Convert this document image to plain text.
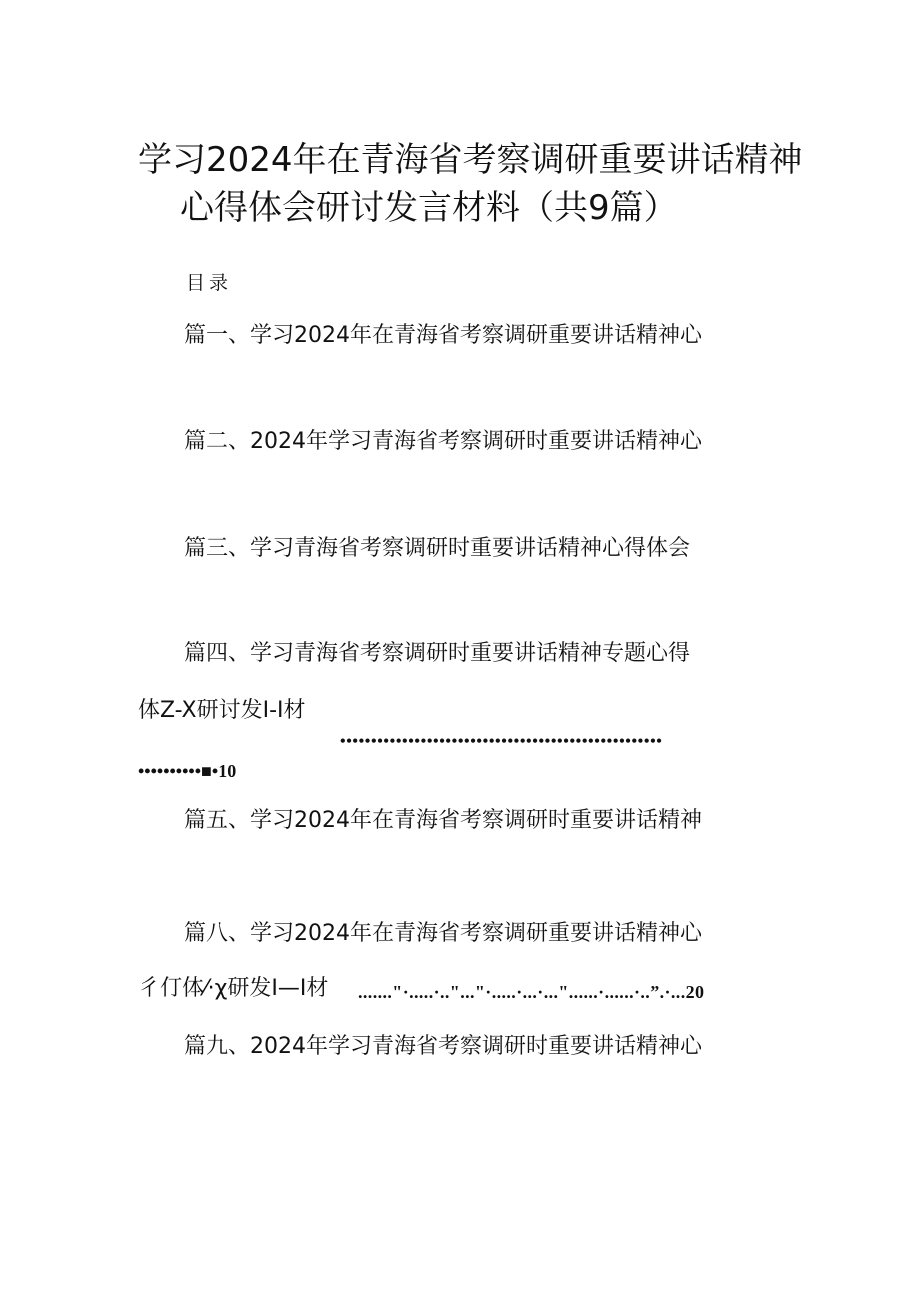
学习2024年在青海省考察调研重要讲话精神
心得体会研讨发言材料（共9篇）
目录
篇一、学习2024年在青海省考察调研重要讲话精神心
篇二、2024年学习青海省考察调研时重要讲话精神心
篇三、学习青海省考察调研时重要讲话精神心得体会
篇四、学习青海省考察调研时重要讲话精神专题心得
体Z-X研讨发I-I材
••••••••••••••••••••••••••••••••••••••••••••••••••••
••••••••••■•10
篇五、学习2024年在青海省考察调研时重要讲话精神
篇八、学习2024年在青海省考察调研重要讲话精神心
彳仃体⁄·χ研发I—I材 ......."·.....·.."..."·.....·...·..."......·......·..”.·...20
篇九、2024年学习青海省考察调研时重要讲话精神心
